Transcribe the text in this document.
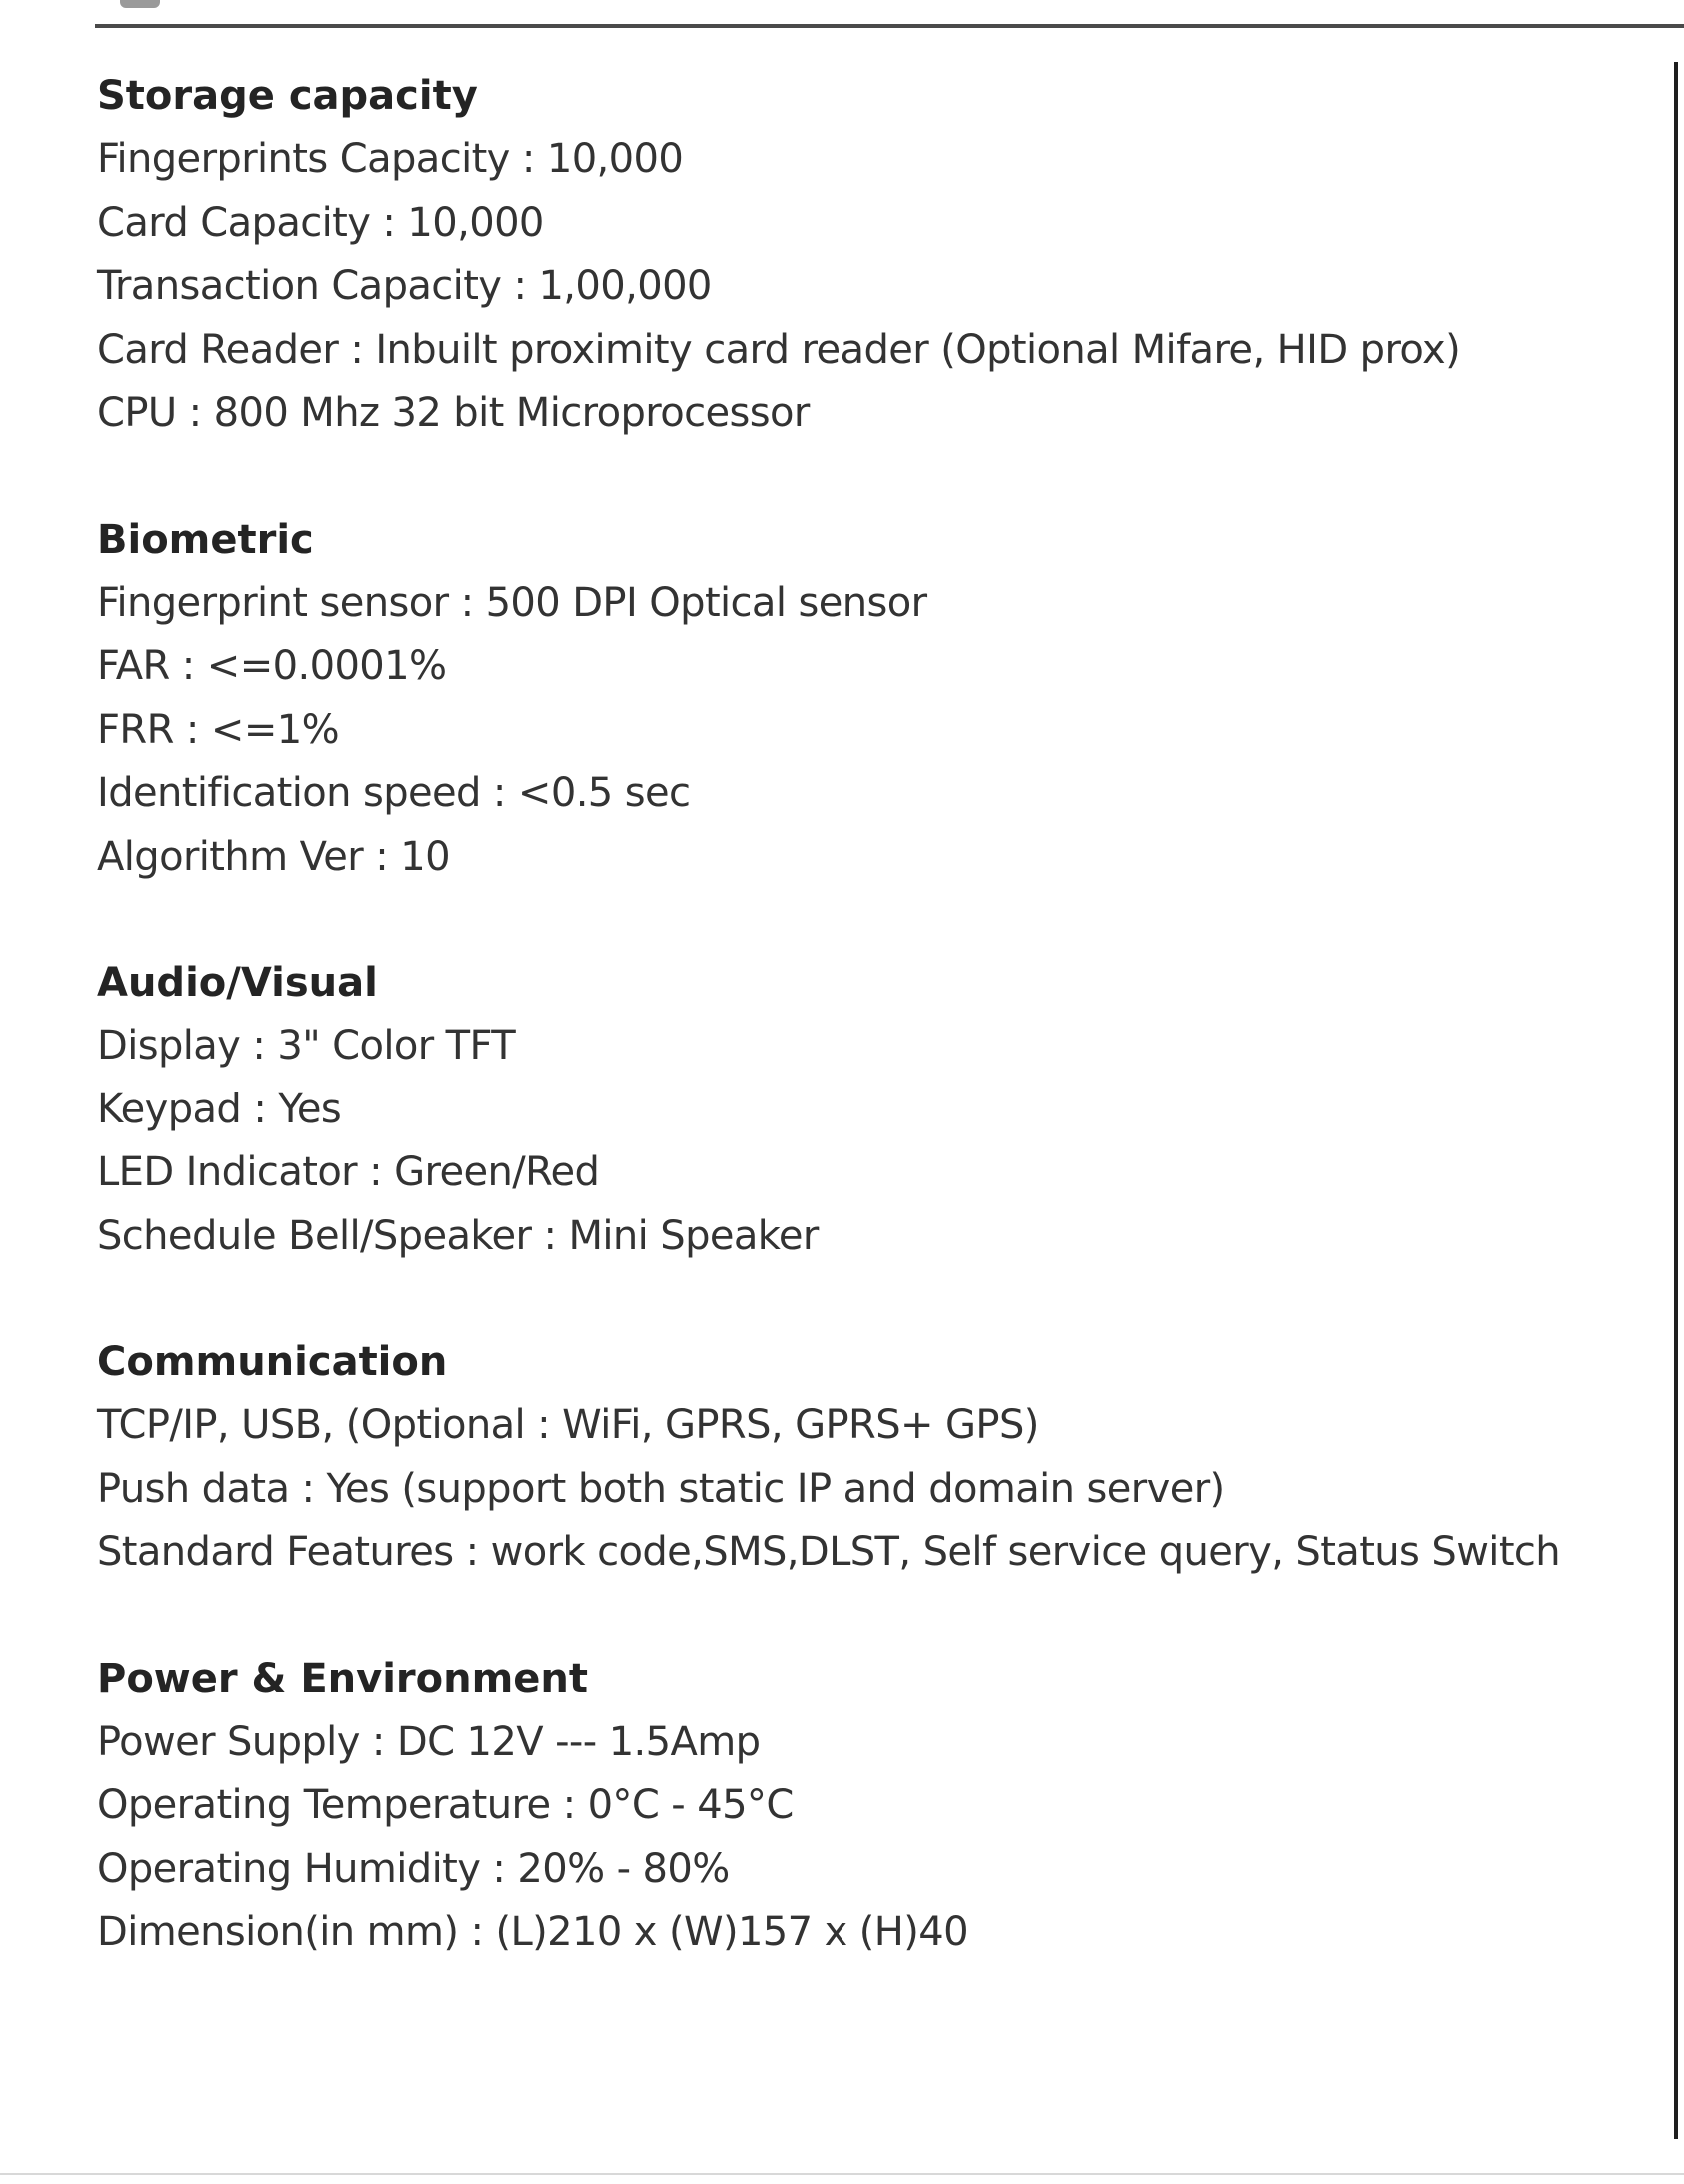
Storage capacity
Fingerprints Capacity : 10,000
Card Capacity : 10,000
Transaction Capacity : 1,00,000
Card Reader : Inbuilt proximity card reader (Optional Mifare, HID prox)
CPU : 800 Mhz 32 bit Microprocessor
Biometric
Fingerprint sensor : 500 DPI Optical sensor
FAR : <=0.0001%
FRR : <=1%
Identification speed : <0.5 sec
Algorithm Ver : 10
Audio/Visual
Display : 3" Color TFT
Keypad : Yes
LED Indicator : Green/Red
Schedule Bell/Speaker : Mini Speaker
Communication
TCP/IP, USB, (Optional : WiFi, GPRS, GPRS+ GPS)
Push data : Yes (support both static IP and domain server)
Standard Features : work code,SMS,DLST, Self service query, Status Switch
Power & Environment
Power Supply : DC 12V --- 1.5Amp
Operating Temperature : 0°C - 45°C
Operating Humidity : 20% - 80%
Dimension(in mm) : (L)210 x (W)157 x (H)40
